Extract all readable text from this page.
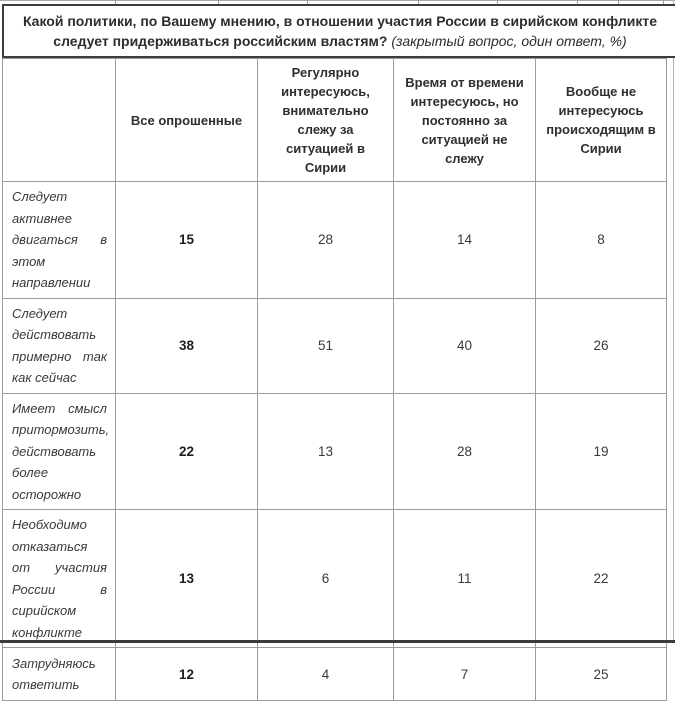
Какой политики, по Вашему мнению, в отношении участия России в сирийском конфликте
следует придерживаться российским властям? (закрытый вопрос, один ответ, %)
	Все опрошенные	Регулярно интересуюсь, внимательно слежу за ситуацией в Сирии	Время от времени интересуюсь, но постоянно за ситуацией не слежу	Вообще не интересуюсь происходящим в Сирии
Следует активнее двигаться в этом направлении	15	28	14	8
Следует действовать примерно так как сейчас	38	51	40	26
Имеет смысл притормозить, действовать более осторожно	22	13	28	19
Необходимо отказаться от участия России в сирийском конфликте	13	6	11	22
Затрудняюсь ответить	12	4	7	25
